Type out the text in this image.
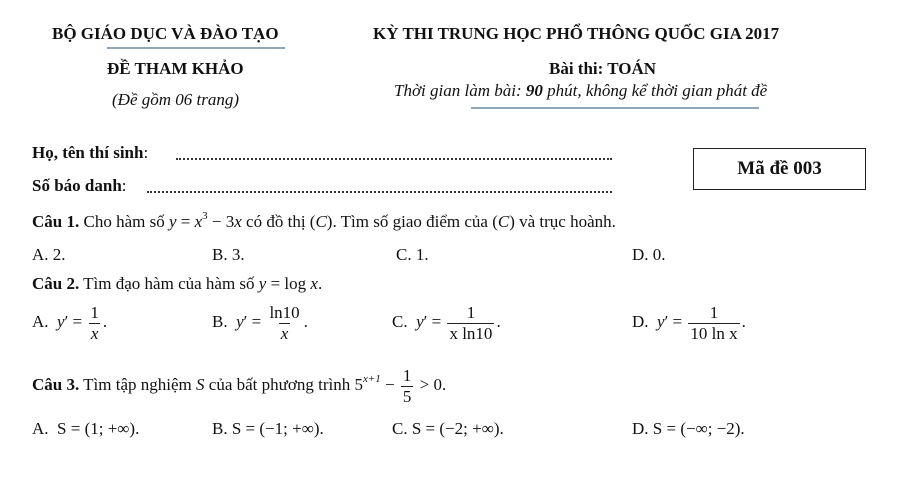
BỘ GIÁO DỤC VÀ ĐÀO TẠO
ĐỀ THAM KHẢO
(Đề gồm 06 trang)
KỲ THI TRUNG HỌC PHỔ THÔNG QUỐC GIA 2017
Bài thi: TOÁN
Thời gian làm bài: 90 phút, không kể thời gian phát đề
Họ, tên thí sinh:
Số báo danh:
Mã đề 003
Câu 1. Cho hàm số $y = x^3 - 3x$ có đồ thị (C). Tìm số giao điểm của (C) và trục hoành.
A. 2.	B. 3.	C. 1.	D. 0.
Câu 2. Tìm đạo hàm của hàm số y = log x.
A. $y' = \frac{1}{x}$ .	B. $y' = \frac{\ln 10}{x}$ .	C. $y' = \frac{1}{\text{x ln10}}$ .	D. $y' = \frac{1}{\text{10 ln x}}$ .
Câu 3. Tìm tập nghiệm S của bất phương trình $5^{x+1} - \frac{1}{5} > 0$.
A. S = (1; +∞).	B. S = (−1; +∞).	C. S = (−2; +∞).	D. S = (−∞; −2).
